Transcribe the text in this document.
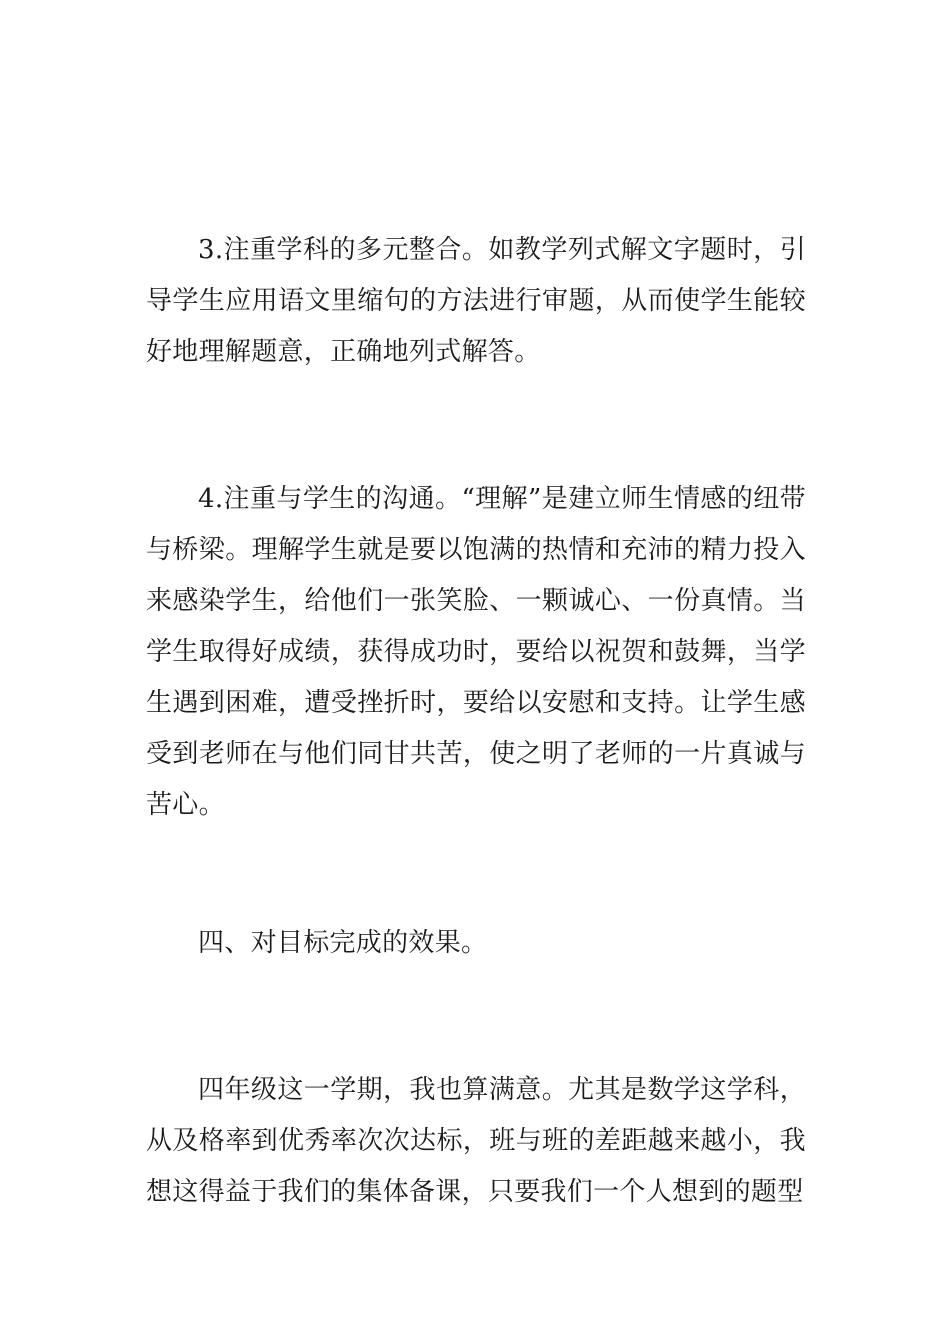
3.注重学科的多元整合。如教学列式解文字题时，引导学生应用语文里缩句的方法进行审题，从而使学生能较好地理解题意，正确地列式解答。

4.注重与学生的沟通。“理解”是建立师生情感的纽带与桥梁。理解学生就是要以饱满的热情和充沛的精力投入来感染学生，给他们一张笑脸、一颗诚心、一份真情。当学生取得好成绩，获得成功时，要给以祝贺和鼓舞，当学生遇到困难，遭受挫折时，要给以安慰和支持。让学生感受到老师在与他们同甘共苦，使之明了老师的一片真诚与苦心。

四、对目标完成的效果。

四年级这一学期，我也算满意。尤其是数学这学科，从及格率到优秀率次次达标，班与班的差距越来越小，我想这得益于我们的集体备课，只要我们一个人想到的题型
